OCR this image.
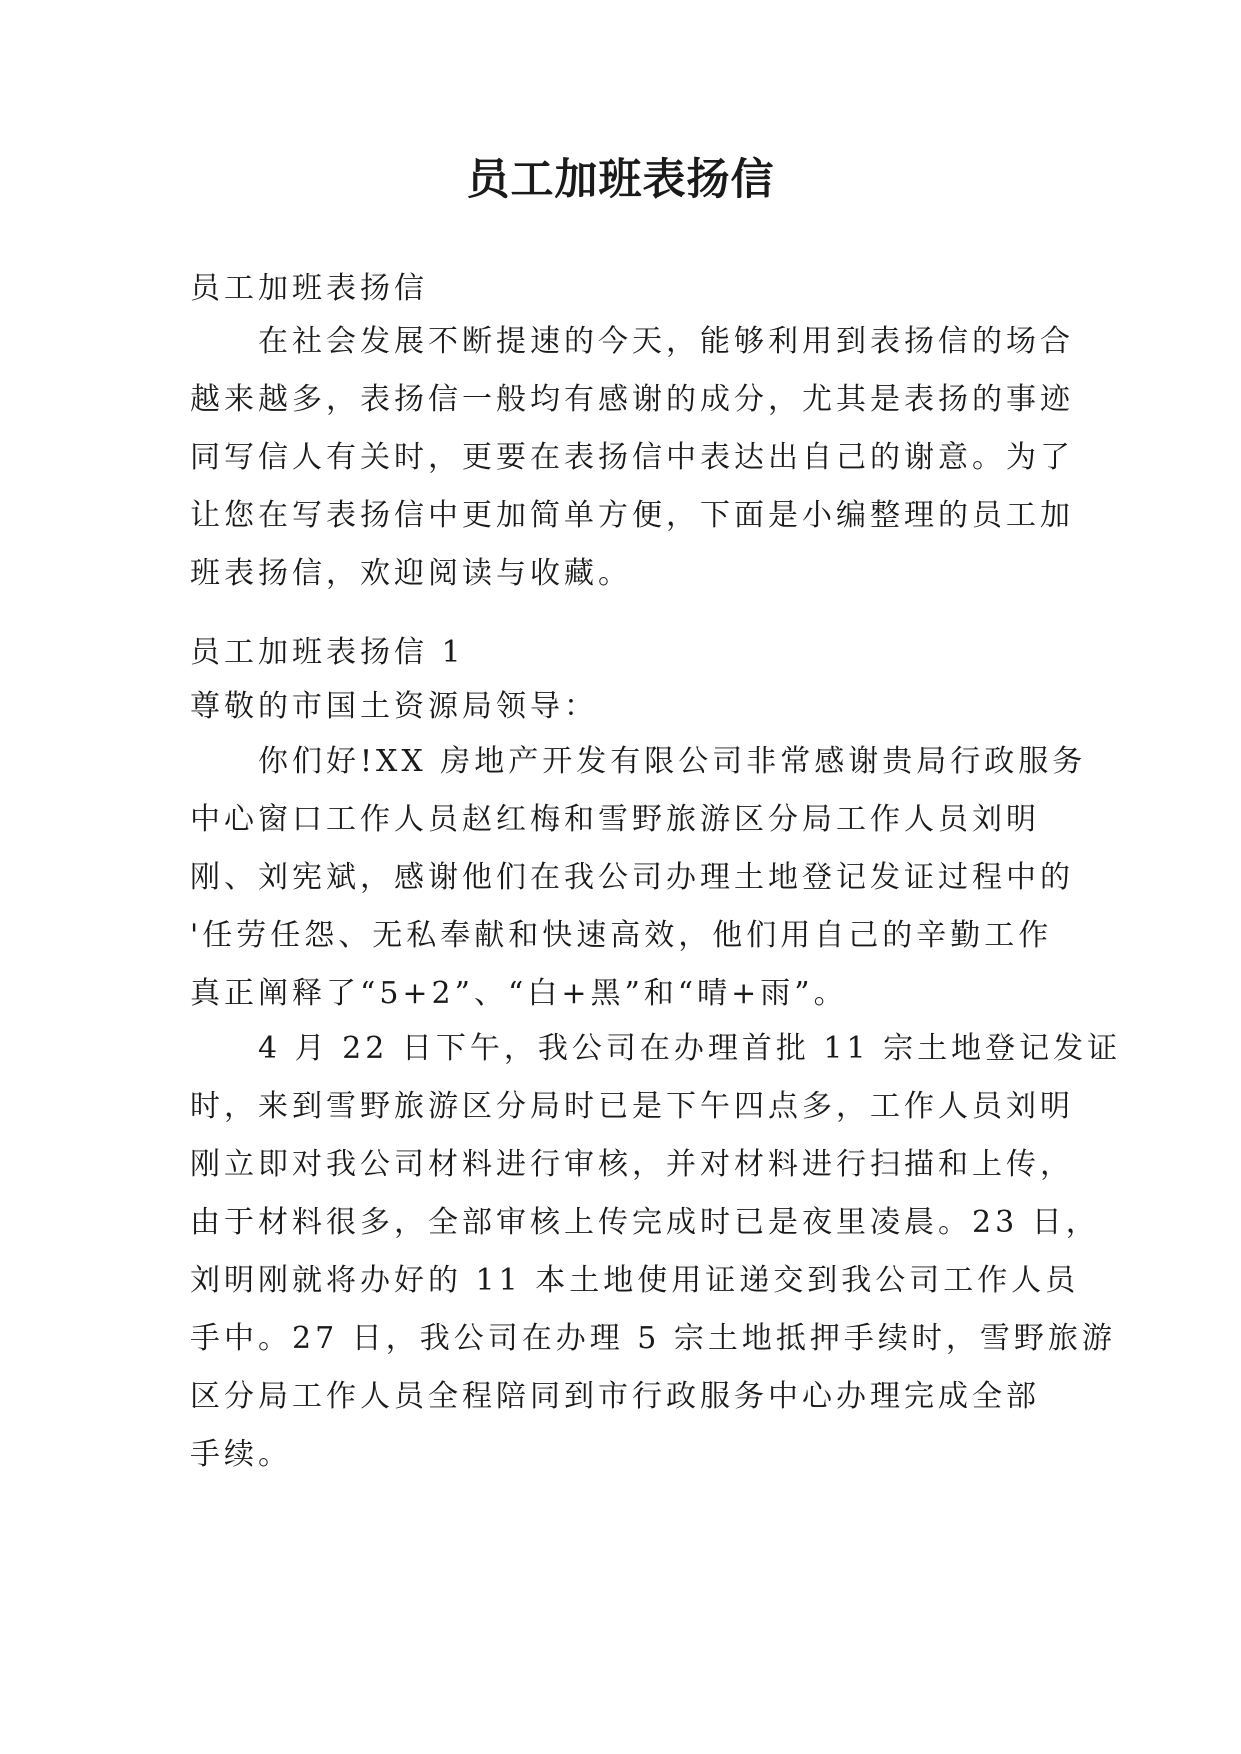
员工加班表扬信

员工加班表扬信

　　在社会发展不断提速的今天，能够利用到表扬信的场合
越来越多，表扬信一般均有感谢的成分，尤其是表扬的事迹
同写信人有关时，更要在表扬信中表达出自己的谢意。为了
让您在写表扬信中更加简单方便，下面是小编整理的员工加
班表扬信，欢迎阅读与收藏。

员工加班表扬信 1

尊敬的市国土资源局领导：

　　你们好!XX 房地产开发有限公司非常感谢贵局行政服务
中心窗口工作人员赵红梅和雪野旅游区分局工作人员刘明
刚、刘宪斌，感谢他们在我公司办理土地登记发证过程中的
'任劳任怨、无私奉献和快速高效，他们用自己的辛勤工作
真正阐释了“5+2”、“白+黑”和“晴+雨”。
　　4 月 22 日下午，我公司在办理首批 11 宗土地登记发证
时，来到雪野旅游区分局时已是下午四点多，工作人员刘明
刚立即对我公司材料进行审核，并对材料进行扫描和上传，
由于材料很多，全部审核上传完成时已是夜里凌晨。23 日，
刘明刚就将办好的 11 本土地使用证递交到我公司工作人员
手中。27 日，我公司在办理 5 宗土地抵押手续时，雪野旅游
区分局工作人员全程陪同到市行政服务中心办理完成全部
手续。
